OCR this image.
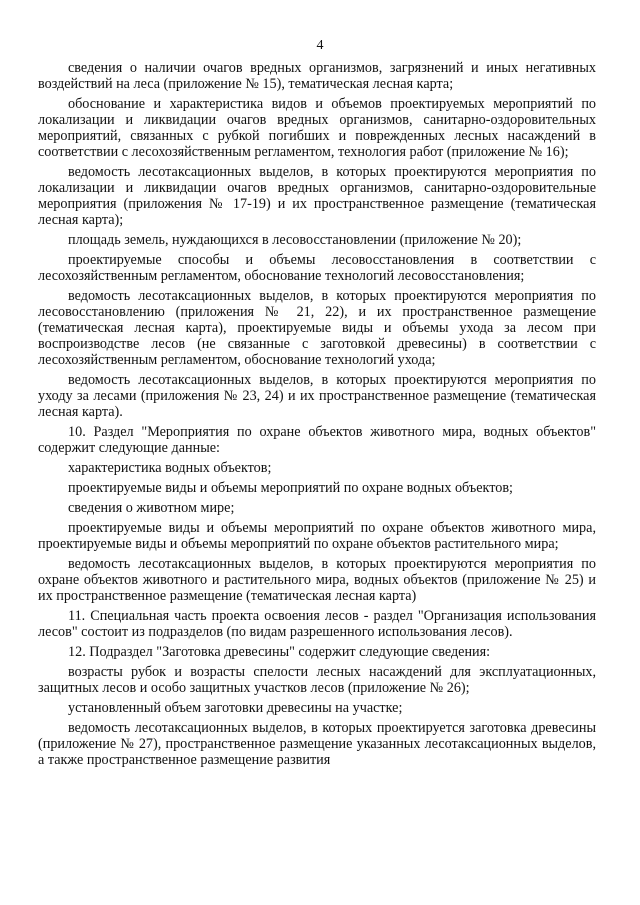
4

сведения о наличии очагов вредных организмов, загрязнений и иных негативных воздействий на леса (приложение № 15), тематическая лесная карта;

обоснование и характеристика видов и объемов проектируемых мероприятий по локализации и ликвидации очагов вредных организмов, санитарно-оздоровительных мероприятий, связанных с рубкой погибших и поврежденных лесных насаждений в соответствии с лесохозяйственным регламентом, технология работ (приложение № 16);

ведомость лесотаксационных выделов, в которых проектируются мероприятия по локализации и ликвидации очагов вредных организмов, санитарно-оздоровительные мероприятия (приложения № 17-19) и их пространственное размещение (тематическая лесная карта);

площадь земель, нуждающихся в лесовосстановлении (приложение № 20);

проектируемые способы и объемы лесовосстановления в соответствии с лесохозяйственным регламентом, обоснование технологий лесовосстановления;

ведомость лесотаксационных выделов, в которых проектируются мероприятия по лесовосстановлению (приложения № 21, 22), и их пространственное размещение (тематическая лесная карта), проектируемые виды и объемы ухода за лесом при воспроизводстве лесов (не связанные с заготовкой древесины) в соответствии с лесохозяйственным регламентом, обоснование технологий ухода;

ведомость лесотаксационных выделов, в которых проектируются мероприятия по уходу за лесами (приложения № 23, 24) и их пространственное размещение (тематическая лесная карта).

10. Раздел "Мероприятия по охране объектов животного мира, водных объектов" содержит следующие данные:

характеристика водных объектов;

проектируемые виды и объемы мероприятий по охране водных объектов;

сведения о животном мире;

проектируемые виды и объемы мероприятий по охране объектов животного мира, проектируемые виды и объемы мероприятий по охране объектов растительного мира;

ведомость лесотаксационных выделов, в которых проектируются мероприятия по охране объектов животного и растительного мира, водных объектов (приложение № 25) и их пространственное размещение (тематическая лесная карта)

11. Специальная часть проекта освоения лесов - раздел "Организация использования лесов" состоит из подразделов (по видам разрешенного использования лесов).

12. Подраздел "Заготовка древесины" содержит следующие сведения:

возрасты рубок и возрасты спелости лесных насаждений для эксплуатационных, защитных лесов и особо защитных участков лесов (приложение № 26);

установленный объем заготовки древесины на участке;

ведомость лесотаксационных выделов, в которых проектируется заготовка древесины (приложение № 27), пространственное размещение указанных лесотаксационных выделов, а также пространственное размещение развития
